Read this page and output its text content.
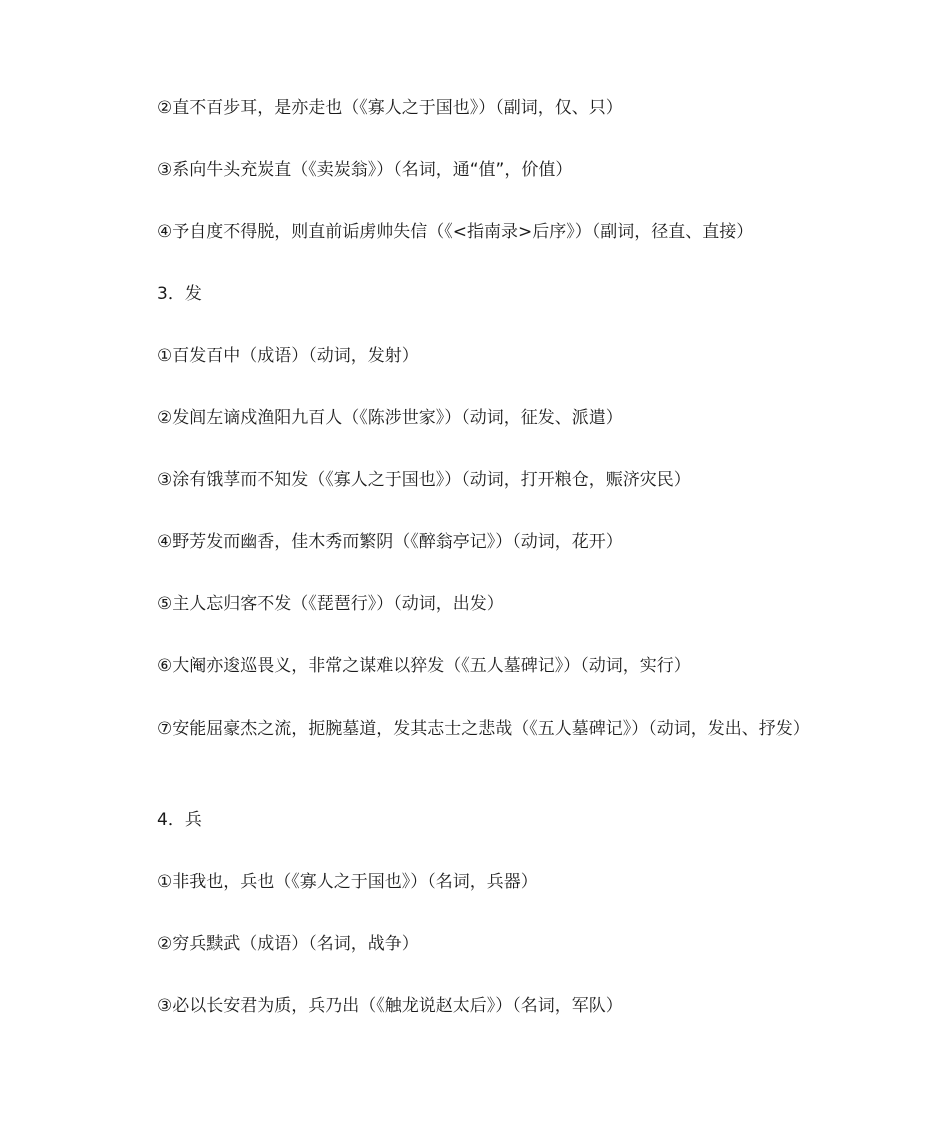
②直不百步耳，是亦走也（《寡人之于国也》）（副词，仅、只）

③系向牛头充炭直（《卖炭翁》）（名词，通“值”，价值）

④予自度不得脱，则直前诟虏帅失信（《<指南录>后序》）（副词，径直、直接）

3．发

①百发百中（成语）（动词，发射）

②发闾左谪戍渔阳九百人（《陈涉世家》）（动词，征发、派遣）

③涂有饿莩而不知发（《寡人之于国也》）（动词，打开粮仓，赈济灾民）

④野芳发而幽香，佳木秀而繁阴（《醉翁亭记》）（动词，花开）

⑤主人忘归客不发（《琵琶行》）（动词，出发）

⑥大阉亦逡巡畏义，非常之谋难以猝发（《五人墓碑记》）（动词，实行）

⑦安能屈豪杰之流，扼腕墓道，发其志士之悲哉（《五人墓碑记》）（动词，发出、抒发）

4．兵

①非我也，兵也（《寡人之于国也》）（名词，兵器）

②穷兵黩武（成语）（名词，战争）

③必以长安君为质，兵乃出（《触龙说赵太后》）（名词，军队）
